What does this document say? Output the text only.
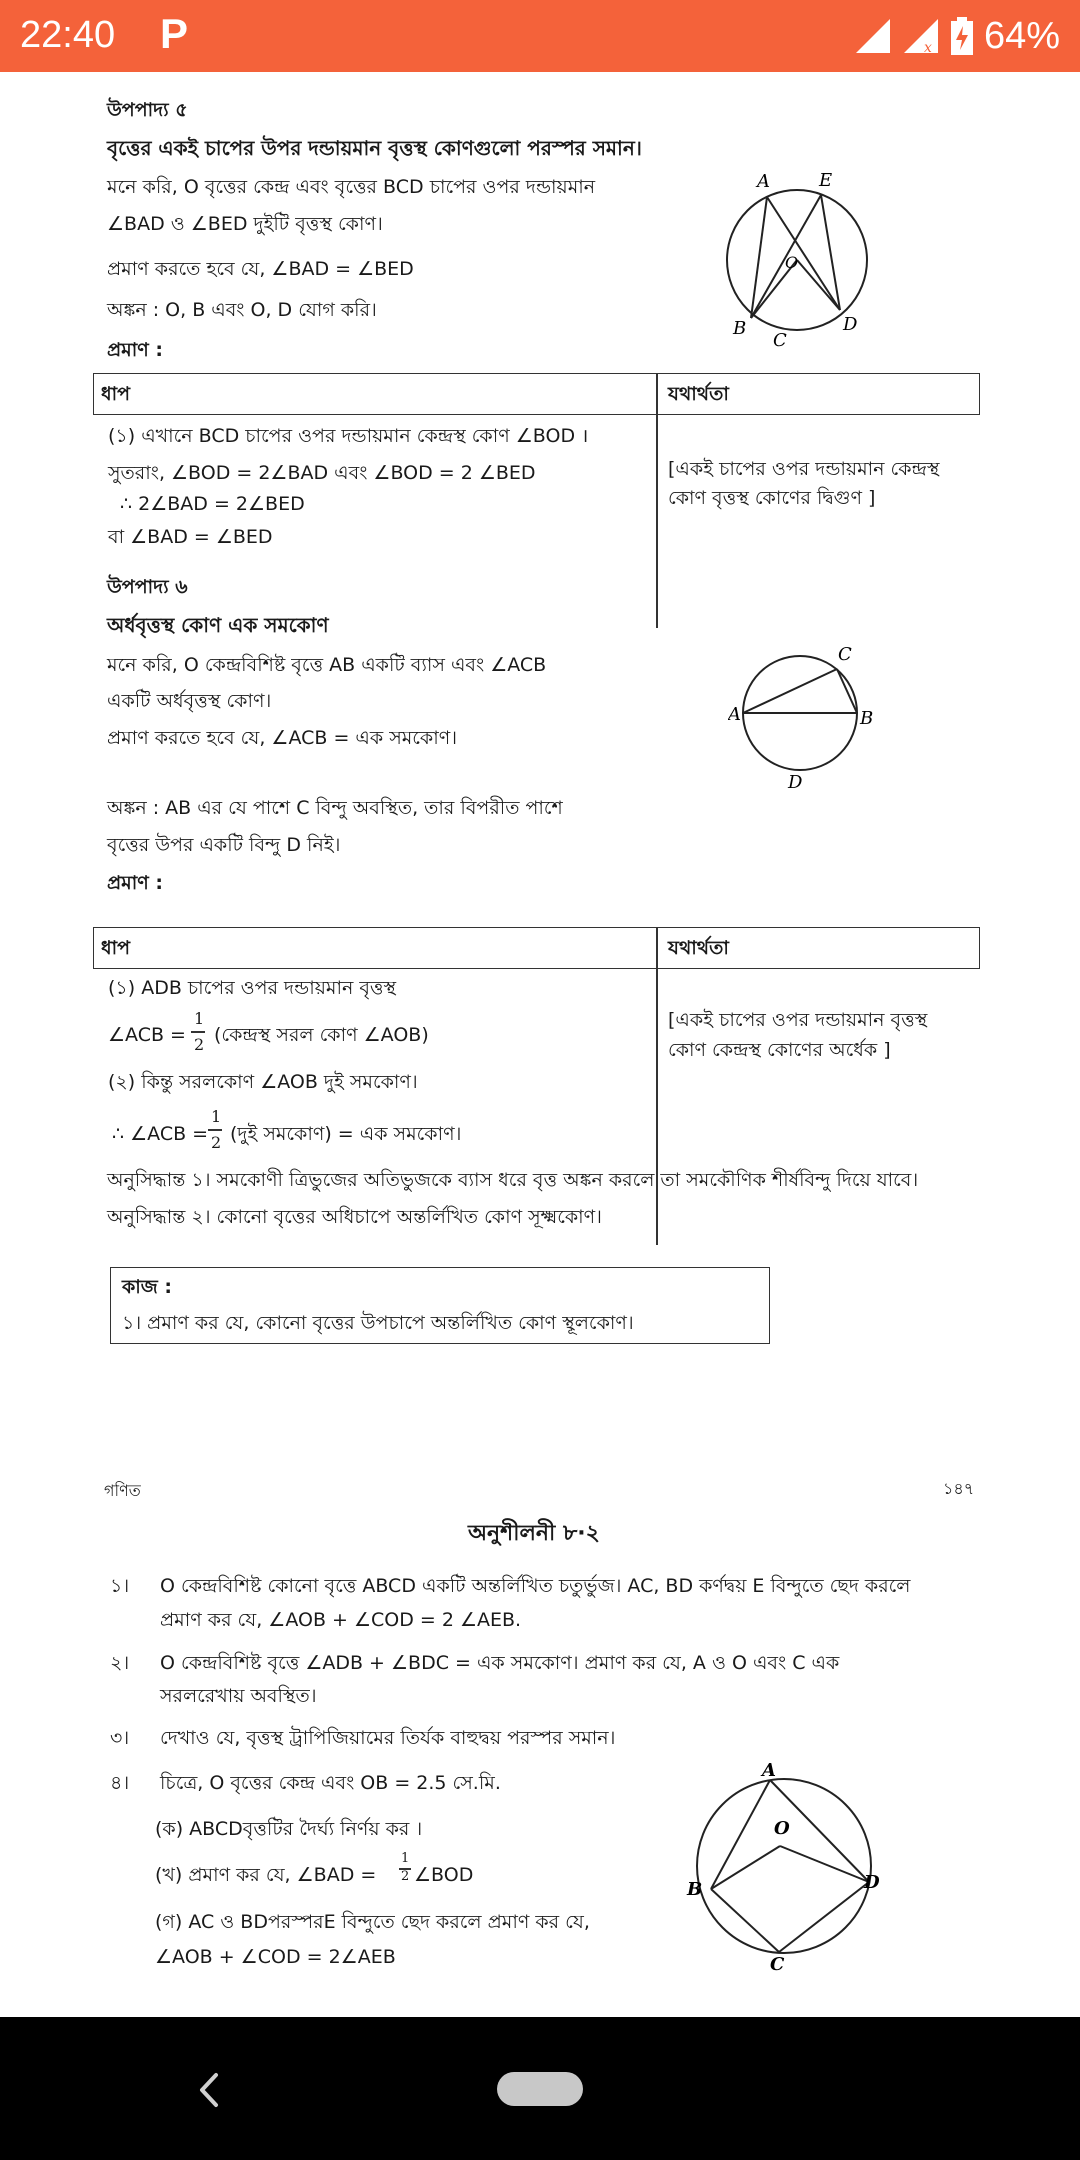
22:40 P	x 64%
উপপাদ্য ৫
বৃত্তের একই চাপের উপর দন্ডায়মান বৃত্তস্থ কোণগুলো পরস্পর সমান।
মনে করি, O বৃত্তের কেন্দ্র এবং বৃত্তের BCD চাপের ওপর দন্ডায়মান
∠BAD ও ∠BED দুইটি বৃত্তস্থ কোণ।
প্রমাণ করতে হবে যে, ∠BAD = ∠BED
অঙ্কন : O, B এবং O, D যোগ করি।
প্রমাণ :
A	E
O
B
C
D
ধাপ	যথার্থতা
(১) এখানে BCD চাপের ওপর দন্ডায়মান কেন্দ্রস্থ কোণ ∠BOD ।
সুতরাং, ∠BOD = 2∠BAD এবং ∠BOD = 2 ∠BED
∴ 2∠BAD = 2∠BED
বা ∠BAD = ∠BED
[একই চাপের ওপর দন্ডায়মান কেন্দ্রস্থ
কোণ বৃত্তস্থ কোণের দ্বিগুণ ]
উপপাদ্য ৬
অর্ধবৃত্তস্থ কোণ এক সমকোণ
মনে করি, O কেন্দ্রবিশিষ্ট বৃত্তে AB একটি ব্যাস এবং ∠ACB
একটি অর্ধবৃত্তস্থ কোণ।
প্রমাণ করতে হবে যে, ∠ACB = এক সমকোণ।
অঙ্কন : AB এর যে পাশে C বিন্দু অবস্থিত, তার বিপরীত পাশে
বৃত্তের উপর একটি বিন্দু D নিই।
প্রমাণ :
C
A	B
D
ধাপ	যথার্থতা
(১) ADB চাপের ওপর দন্ডায়মান বৃত্তস্থ
∠ACB =
1
2 (কেন্দ্রস্থ সরল কোণ ∠AOB)
(২) কিন্তু সরলকোণ ∠AOB দুই সমকোণ।
∴ ∠ACB =
1
2 (দুই সমকোণ) = এক সমকোণ।
[একই চাপের ওপর দন্ডায়মান বৃত্তস্থ
কোণ কেন্দ্রস্থ কোণের অর্ধেক ]
অনুসিদ্ধান্ত ১। সমকোণী ত্রিভুজের অতিভুজকে ব্যাস ধরে বৃত্ত অঙ্কন করলে তা সমকৌণিক শীর্ষবিন্দু দিয়ে যাবে।
অনুসিদ্ধান্ত ২। কোনো বৃত্তের অধিচাপে অন্তর্লিখিত কোণ সূক্ষ্মকোণ।
কাজ :
১। প্রমাণ কর যে, কোনো বৃত্তের উপচাপে অন্তর্লিখিত কোণ স্থূলকোণ।
গণিত	১৪৭
অনুশীলনী ৮·২
১। O কেন্দ্রবিশিষ্ট কোনো বৃত্তে ABCD একটি অন্তর্লিখিত চতুর্ভুজ। AC, BD কর্ণদ্বয় E বিন্দুতে ছেদ করলে
প্রমাণ কর যে, ∠AOB + ∠COD = 2 ∠AEB.
২। O কেন্দ্রবিশিষ্ট বৃত্তে ∠ADB + ∠BDC = এক সমকোণ। প্রমাণ কর যে, A ও O এবং C এক
সরলরেখায় অবস্থিত।
৩। দেখাও যে, বৃত্তস্থ ট্রাপিজিয়ামের তির্যক বাহুদ্বয় পরস্পর সমান।
৪। চিত্রে, O বৃত্তের কেন্দ্র এবং OB = 2.5 সে.মি.
(ক) ABCDবৃত্তটির দৈর্ঘ্য নির্ণয় কর ।
(খ) প্রমাণ কর যে, ∠BAD =
1
2 ∠BOD
(গ) AC ও BDপরস্পরE বিন্দুতে ছেদ করলে প্রমাণ কর যে,
∠AOB + ∠COD = 2∠AEB
A
O
B	D
C
